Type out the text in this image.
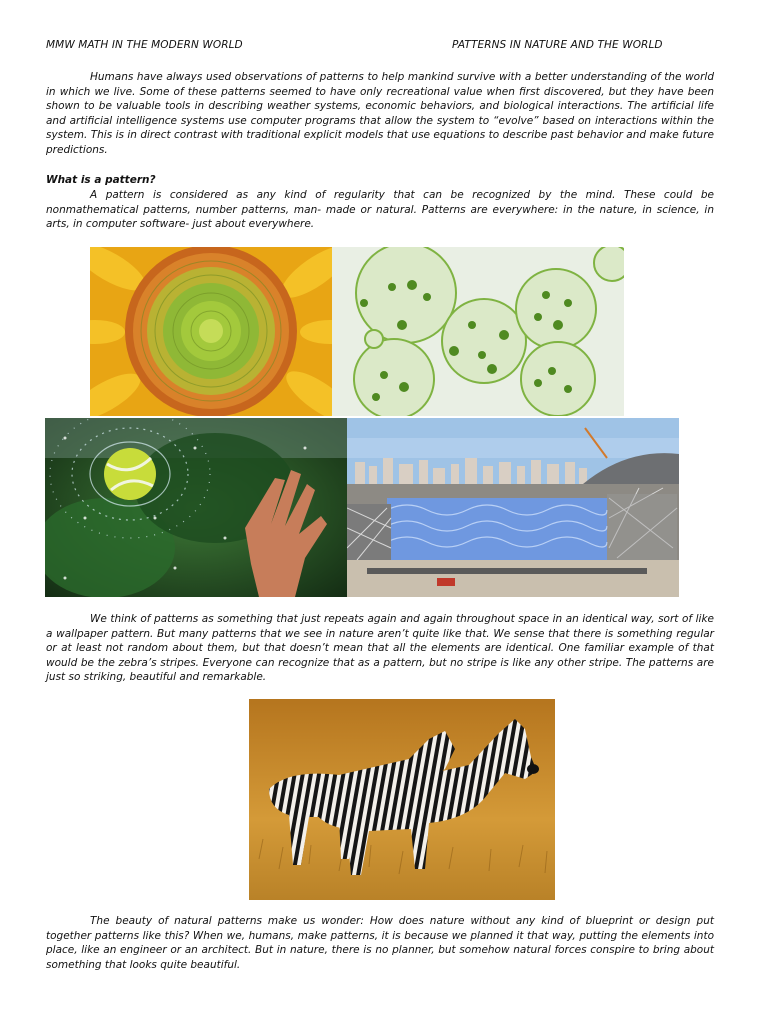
MMW MATH IN THE MODERN WORLD	PATTERNS IN NATURE AND THE WORLD

Humans have always used observations of patterns to help mankind survive with a better understanding of the world in which we live. Some of these patterns seemed to have only recreational value when first discovered, but they have been shown to be valuable tools in describing weather systems, economic behaviors, and biological interactions. The artificial life and artificial intelligence systems use computer programs that allow the system to “evolve” based on interactions within the system. This is in direct contrast with traditional explicit models that use equations to describe past behavior and make future predictions.

What is a pattern?

A pattern is considered as any kind of regularity that can be recognized by the mind. These could be nonmathematical patterns, number patterns, man- made or natural. Patterns are everywhere: in the nature, in science, in arts, in computer software- just about everywhere.

We think of patterns as something that just repeats again and again throughout space in an identical way, sort of like a wallpaper pattern. But many patterns that we see in nature aren’t quite like that. We sense that there is something regular or at least not random about them, but that doesn’t mean that all the elements are identical. One familiar example of that would be the zebra’s stripes. Everyone can recognize that as a pattern, but no stripe is like any other stripe. The patterns are just so striking, beautiful and remarkable.

The beauty of natural patterns make us wonder: How does nature without any kind of blueprint or design put together patterns like this? When we, humans, make patterns, it is because we planned it that way, putting the elements into place, like an engineer or an architect. But in nature, there is no planner, but somehow natural forces conspire to bring about something that looks quite beautiful.
